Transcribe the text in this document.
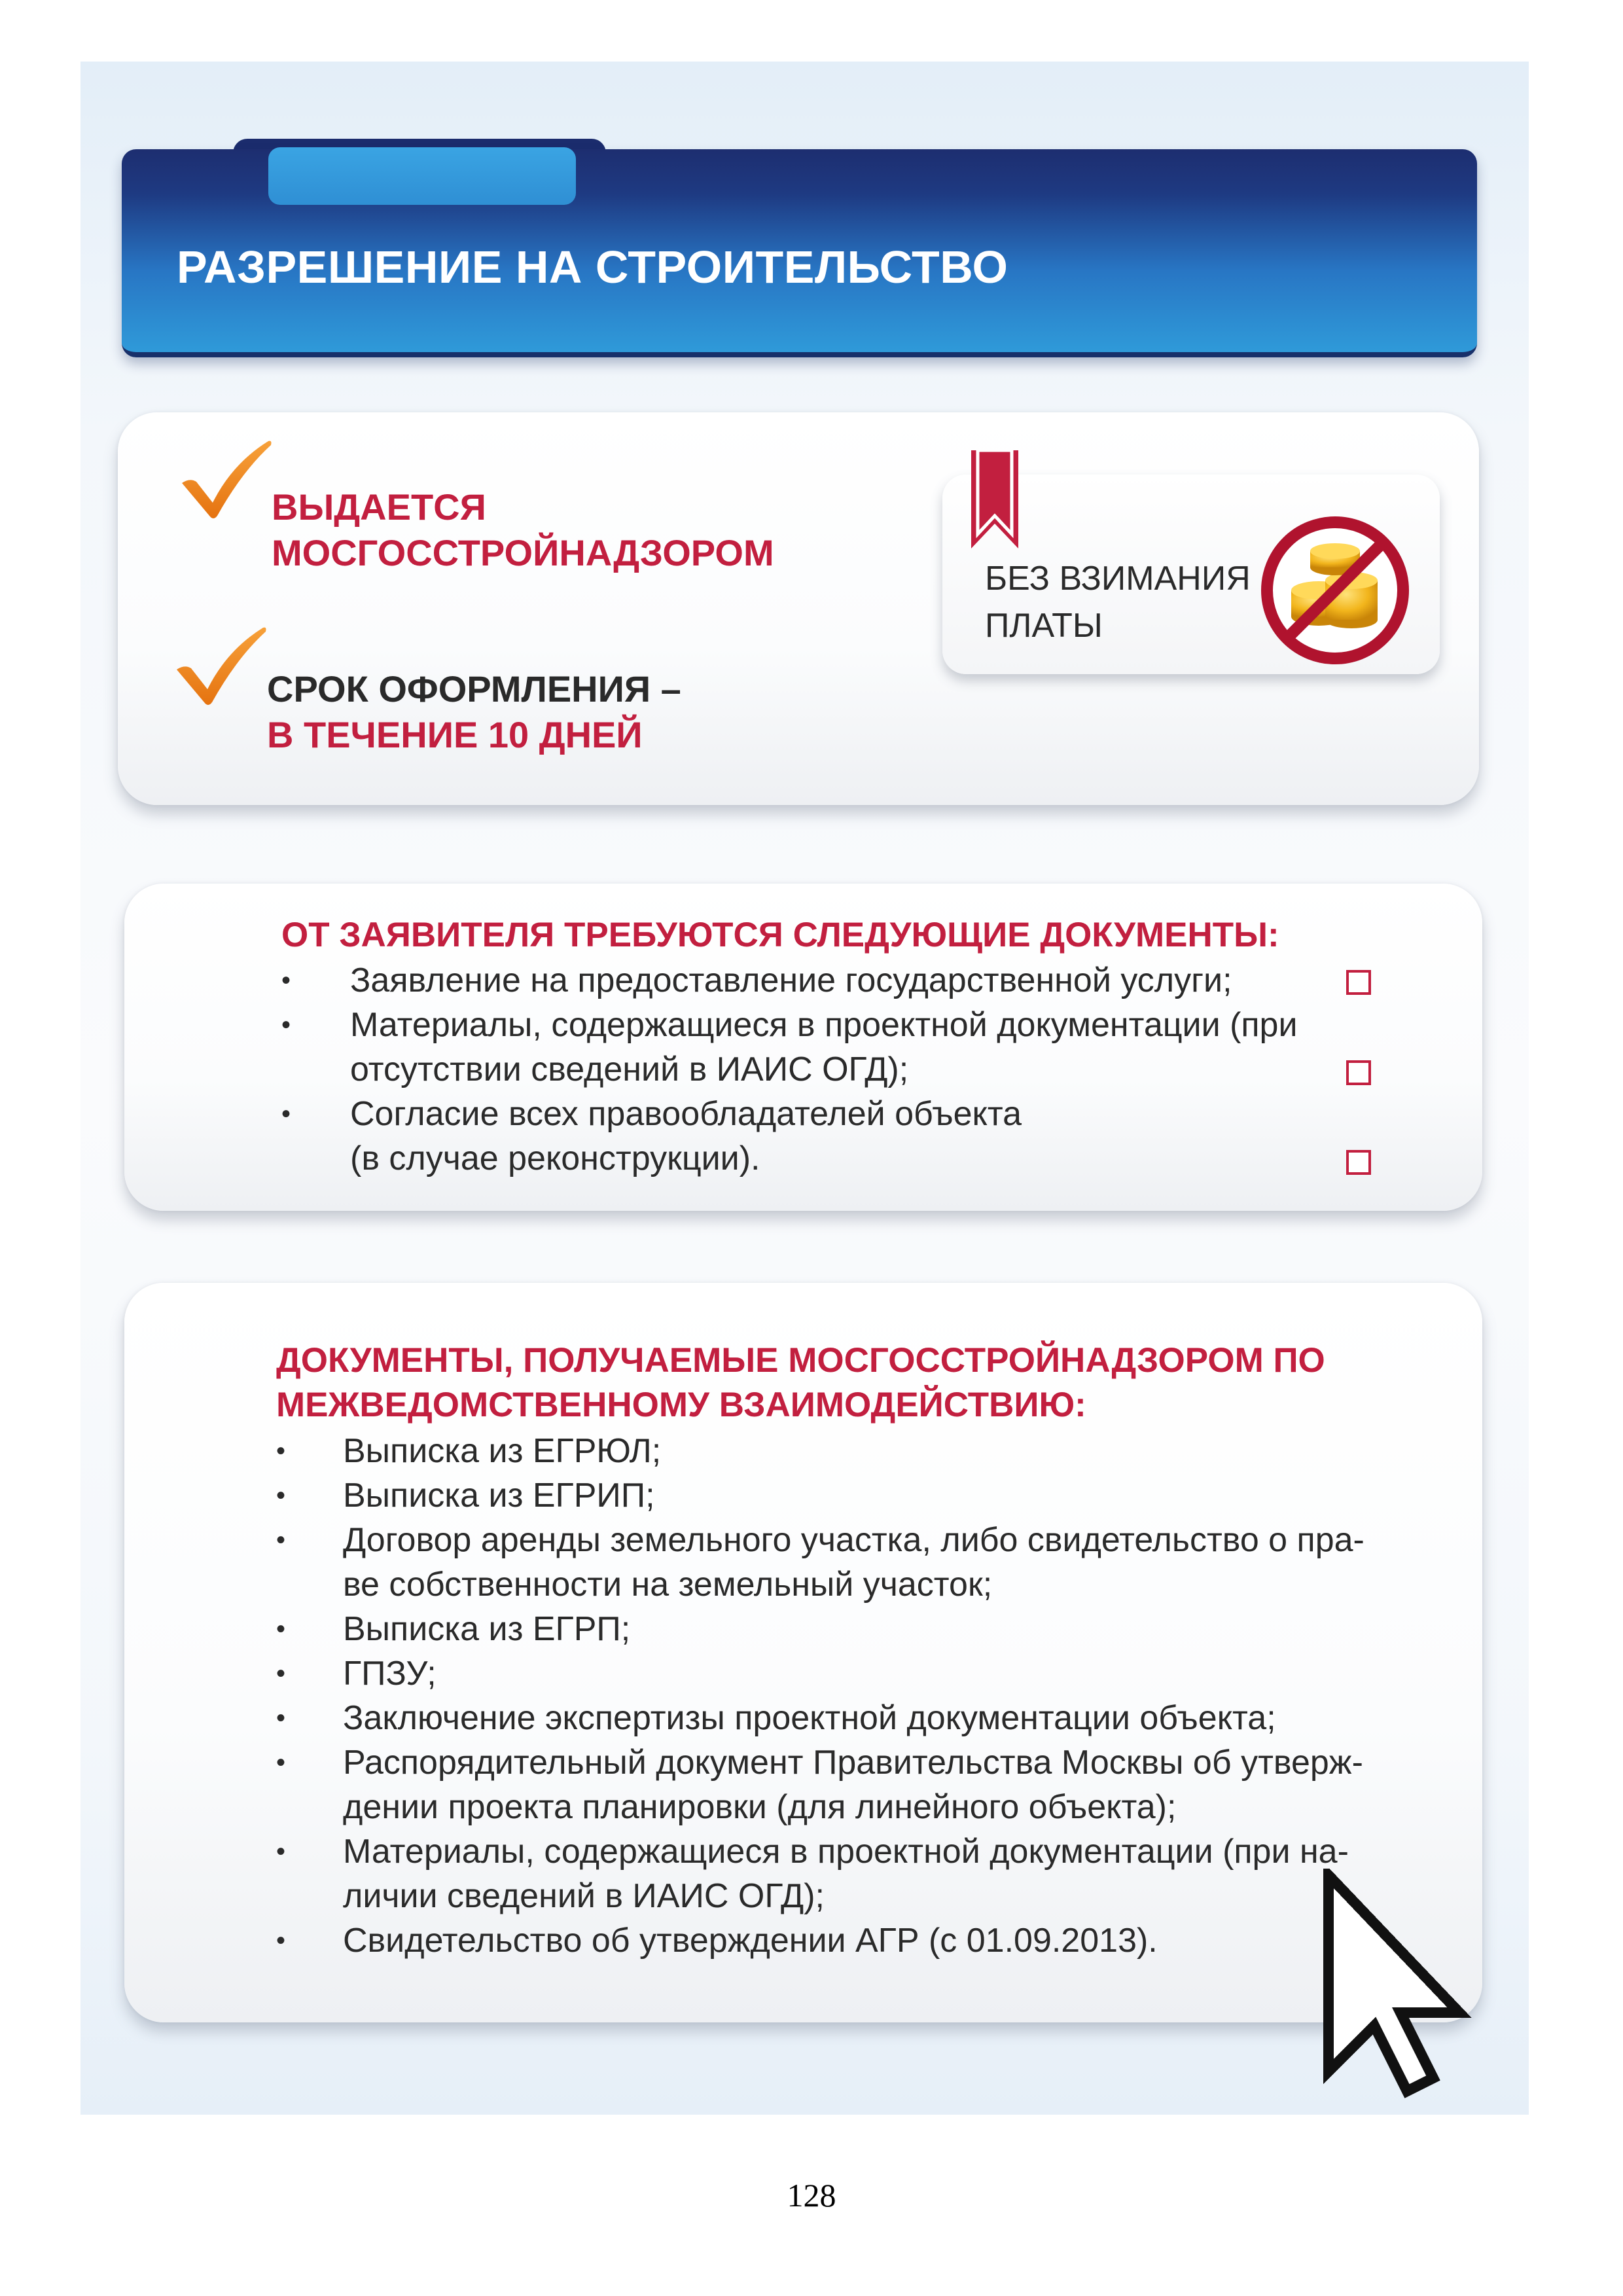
РАЗРЕШЕНИЕ НА СТРОИТЕЛЬСТВО
ВЫДАЕТСЯ
МОСГОССТРОЙНАДЗОРОМ
СРОК ОФОРМЛЕНИЯ –
В ТЕЧЕНИЕ 10 ДНЕЙ
БЕЗ ВЗИМАНИЯ
ПЛАТЫ
ОТ ЗАЯВИТЕЛЯ ТРЕБУЮТСЯ СЛЕДУЮЩИЕ ДОКУМЕНТЫ:
• Заявление на предоставление государственной услуги;
• Материалы, содержащиеся в проектной документации (при
отсутствии сведений в ИАИС ОГД);
• Согласие всех правообладателей объекта
(в случае реконструкции).
ДОКУМЕНТЫ, ПОЛУЧАЕМЫЕ МОСГОССТРОЙНАДЗОРОМ ПО
МЕЖВЕДОМСТВЕННОМУ ВЗАИМОДЕЙСТВИЮ:
• Выписка из ЕГРЮЛ;
• Выписка из ЕГРИП;
• Договор аренды земельного участка, либо свидетельство о пра-
ве собственности на земельный участок;
• Выписка из ЕГРП;
• ГПЗУ;
• Заключение экспертизы проектной документации объекта;
• Распорядительный документ Правительства Москвы об утверж-
дении проекта планировки (для линейного объекта);
• Материалы, содержащиеся в проектной документации (при на-
личии сведений в ИАИС ОГД);
• Свидетельство об утверждении АГР (с 01.09.2013).
128
